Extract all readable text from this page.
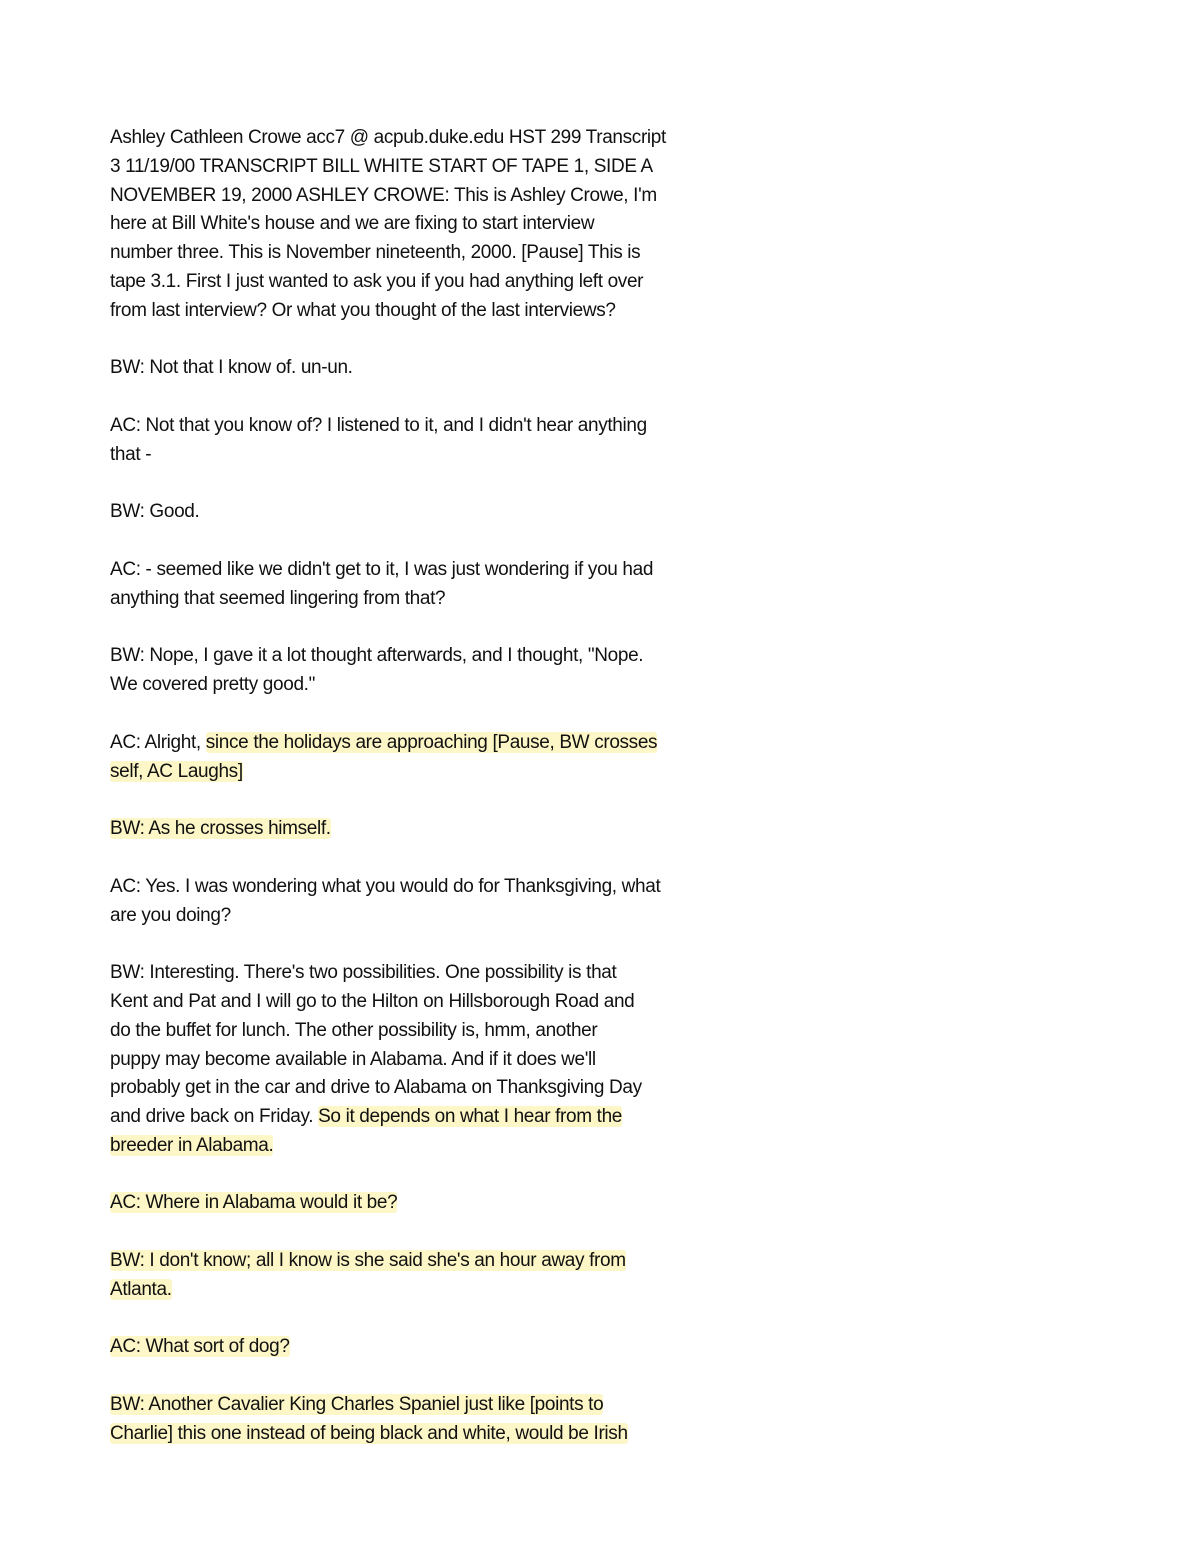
Ashley Cathleen Crowe acc7 @ acpub.duke.edu HST 299 Transcript
3 11/19/00 TRANSCRIPT BILL WHITE START OF TAPE 1, SIDE A
NOVEMBER 19, 2000 ASHLEY CROWE: This is Ashley Crowe, I'm
here at Bill White's house and we are fixing to start interview
number three. This is November nineteenth, 2000. [Pause] This is
tape 3.1. First I just wanted to ask you if you had anything left over
from last interview? Or what you thought of the last interviews?
BW: Not that I know of. un-un.
AC: Not that you know of? I listened to it, and I didn't hear anything
that -
BW: Good.
AC: - seemed like we didn't get to it, I was just wondering if you had
anything that seemed lingering from that?
BW: Nope, I gave it a lot thought afterwards, and I thought, "Nope.
We covered pretty good."
AC: Alright, since the holidays are approaching [Pause, BW crosses
self, AC Laughs]
BW: As he crosses himself.
AC: Yes. I was wondering what you would do for Thanksgiving, what
are you doing?
BW: Interesting. There's two possibilities. One possibility is that
Kent and Pat and I will go to the Hilton on Hillsborough Road and
do the buffet for lunch. The other possibility is, hmm, another
puppy may become available in Alabama. And if it does we'll
probably get in the car and drive to Alabama on Thanksgiving Day
and drive back on Friday. So it depends on what I hear from the
breeder in Alabama.
AC: Where in Alabama would it be?
BW: I don't know; all I know is she said she's an hour away from
Atlanta.
AC: What sort of dog?
BW: Another Cavalier King Charles Spaniel just like [points to
Charlie] this one instead of being black and white, would be Irish
